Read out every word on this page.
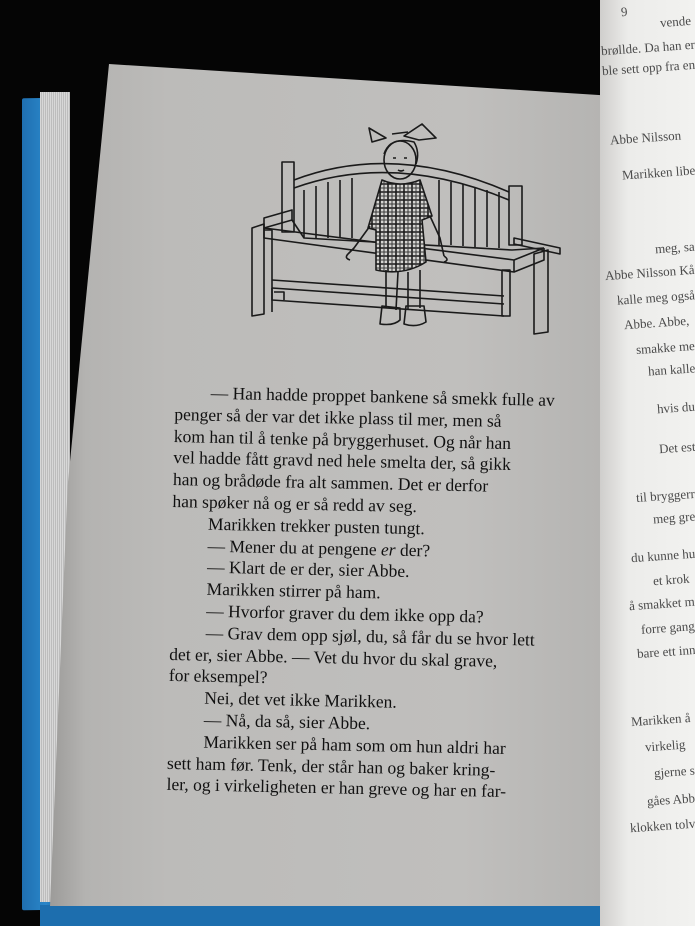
9
vende
brøllde. Da han er
ble sett opp fra en
Abbe Nilsson
Marikken libe
meg, sa
Abbe Nilsson Kå
kalle meg også
Abbe. Abbe,
smakke me
han kalle
hvis du
Det est
til bryggerr
meg gre
du kunne hu
et krok
å smakket m
forre gang
bare ett inn
Marikken å
virkelig
gjerne s
gåes Abb
klokken tolv

— Han hadde proppet bankene så smekk fulle av

penger så der var det ikke plass til mer, men så

kom han til å tenke på bryggerhuset. Og når han

vel hadde fått gravd ned hele smelta der, så gikk

han og brådøde fra alt sammen. Det er derfor

han spøker nå og er så redd av seg.

Marikken trekker pusten tungt.

— Mener du at pengene er der?

— Klart de er der, sier Abbe.

Marikken stirrer på ham.

— Hvorfor graver du dem ikke opp da?

— Grav dem opp sjøl, du, så får du se hvor lett

det er, sier Abbe. — Vet du hvor du skal grave,

for eksempel?

Nei, det vet ikke Marikken.

— Nå, da så, sier Abbe.

Marikken ser på ham som om hun aldri har

sett ham før. Tenk, der står han og baker kring-

ler, og i virkeligheten er han greve og har en far-
